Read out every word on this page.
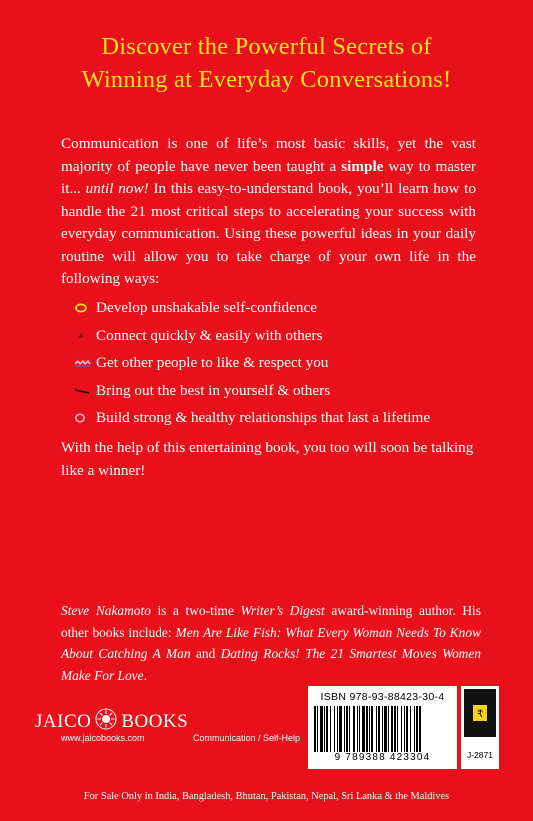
Discover the Powerful Secrets of
Winning at Everyday Conversations!
Communication is one of life’s most basic skills, yet the vast majority of people have never been taught a simple way to master it... until now! In this easy-to-understand book, you’ll learn how to handle the 21 most critical steps to accelerating your success with everyday communication. Using these powerful ideas in your daily routine will allow you to take charge of your own life in the following ways:
Develop unshakable self-confidence
Connect quickly & easily with others
Get other people to like & respect you
Bring out the best in yourself & others
Build strong & healthy relationships that last a lifetime
With the help of this entertaining book, you too will soon be talking like a winner!
Steve Nakamoto is a two-time Writer’s Digest award-winning author. His other books include: Men Are Like Fish: What Every Woman Needs To Know About Catching A Man and Dating Rocks! The 21 Smartest Moves Women Make For Love.
JAICO BOOKS
www.jaicobooks.com	Communication / Self-Help
ISBN 978-93-88423-30-4
9 789388 423304
₹
J-2871
For Sale Only in India, Bangladesh, Bhutan, Pakistan, Nepal, Sri Lanka & the Maldives
